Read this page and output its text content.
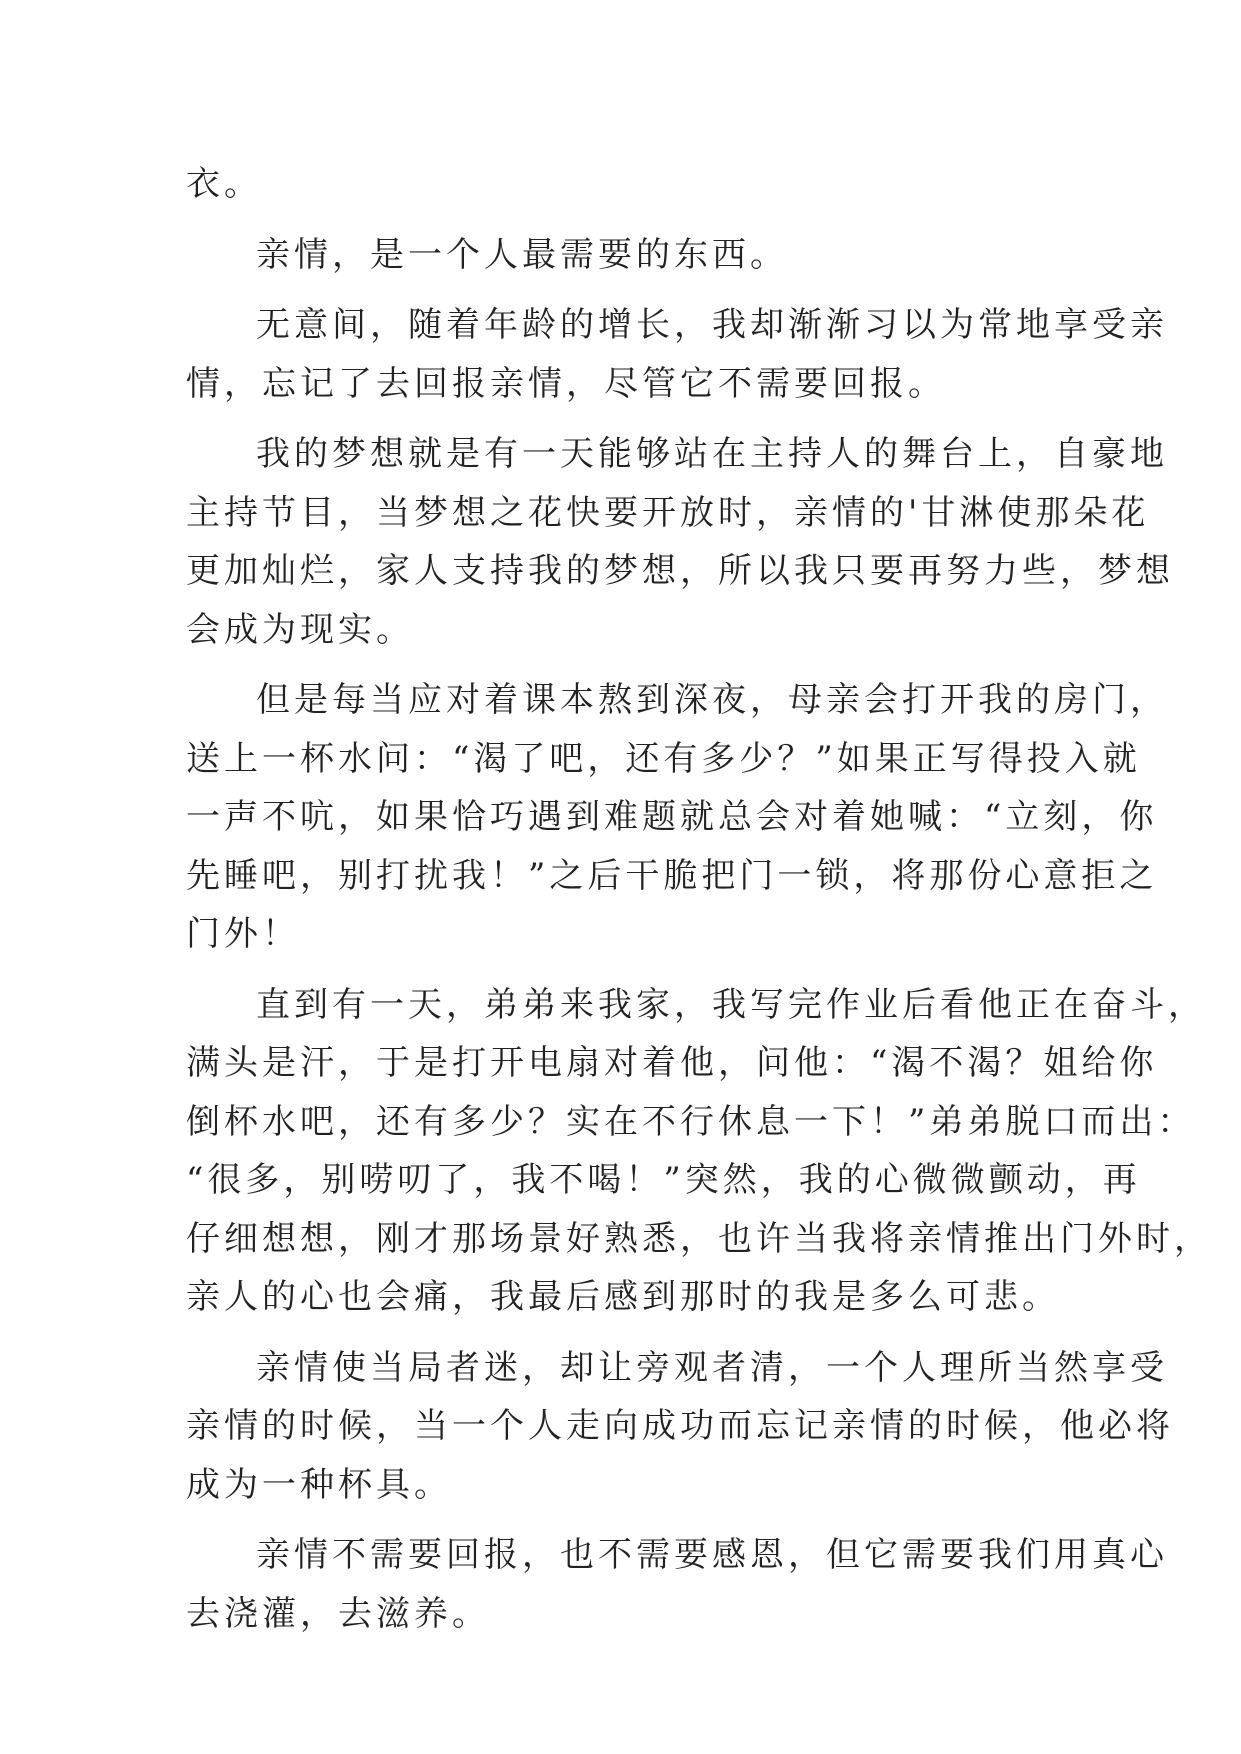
衣。
亲情，是一个人最需要的东西。
无意间，随着年龄的增长，我却渐渐习以为常地享受亲
情，忘记了去回报亲情，尽管它不需要回报。
我的梦想就是有一天能够站在主持人的舞台上，自豪地
主持节目，当梦想之花快要开放时，亲情的'甘淋使那朵花
更加灿烂，家人支持我的梦想，所以我只要再努力些，梦想
会成为现实。
但是每当应对着课本熬到深夜，母亲会打开我的房门，
送上一杯水问：“渴了吧，还有多少？”如果正写得投入就
一声不吭，如果恰巧遇到难题就总会对着她喊：“立刻，你
先睡吧，别打扰我！”之后干脆把门一锁，将那份心意拒之
门外！
直到有一天，弟弟来我家，我写完作业后看他正在奋斗，
满头是汗，于是打开电扇对着他，问他：“渴不渴？姐给你
倒杯水吧，还有多少？实在不行休息一下！”弟弟脱口而出：
“很多，别唠叨了，我不喝！”突然，我的心微微颤动，再
仔细想想，刚才那场景好熟悉，也许当我将亲情推出门外时，
亲人的心也会痛，我最后感到那时的我是多么可悲。
亲情使当局者迷，却让旁观者清，一个人理所当然享受
亲情的时候，当一个人走向成功而忘记亲情的时候，他必将
成为一种杯具。
亲情不需要回报，也不需要感恩，但它需要我们用真心
去浇灌，去滋养。
